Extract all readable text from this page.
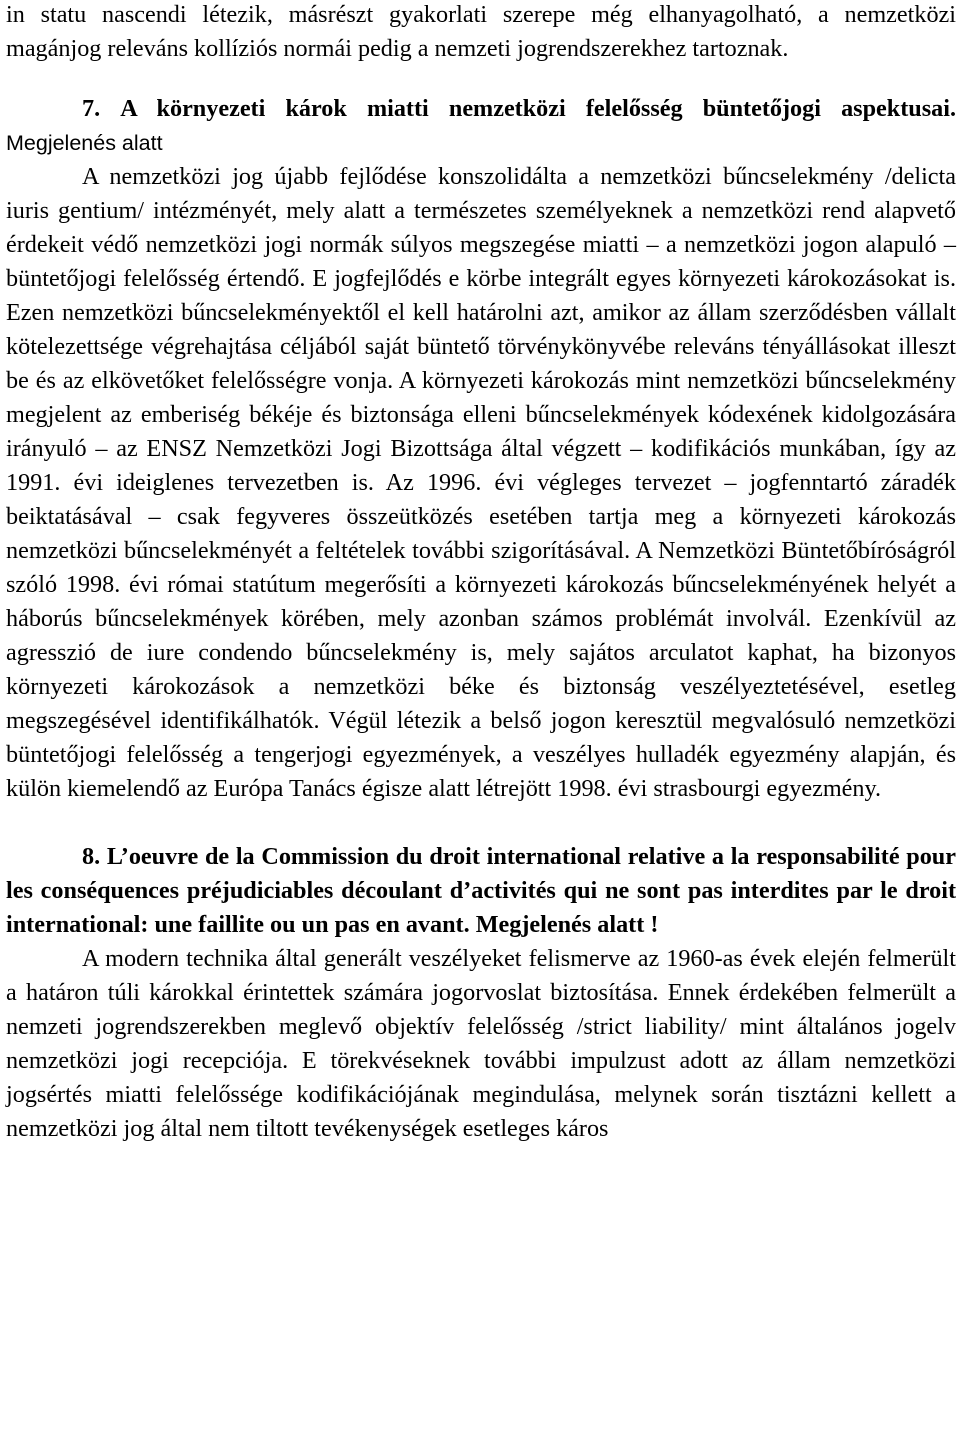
in statu nascendi létezik, másrészt gyakorlati szerepe még elhanyagolható, a nemzetközi magánjog releváns kollíziós normái pedig a nemzeti jogrendszerekhez tartoznak.

7. A környezeti károk miatti nemzetközi felelősség büntetőjogi aspektusai. Megjelenés alatt

A nemzetközi jog újabb fejlődése konszolidálta a nemzetközi bűncselekmény /delicta iuris gentium/ intézményét, mely alatt a természetes személyeknek a nemzetközi rend alapvető érdekeit védő nemzetközi jogi normák súlyos megszegése miatti – a nemzetközi jogon alapuló – büntetőjogi felelősség értendő. E jogfejlődés e körbe integrált egyes környezeti károkozásokat is. Ezen nemzetközi bűncselekményektől el kell határolni azt, amikor az állam szerződésben vállalt kötelezettsége végrehajtása céljából saját büntető törvénykönyvébe releváns tényállásokat illeszt be és az elkövetőket felelősségre vonja. A környezeti károkozás mint nemzetközi bűncselekmény megjelent az emberiség békéje és biztonsága elleni bűncselekmények kódexének kidolgozására irányuló – az ENSZ Nemzetközi Jogi Bizottsága által végzett – kodifikációs munkában, így az 1991. évi ideiglenes tervezetben is. Az 1996. évi végleges tervezet – jogfenntartó záradék beiktatásával – csak fegyveres összeütközés esetében tartja meg a környezeti károkozás nemzetközi bűncselekményét a feltételek további szigorításával. A Nemzetközi Büntetőbíróságról szóló 1998. évi római statútum megerősíti a környezeti károkozás bűncselekményének helyét a háborús bűncselekmények körében, mely azonban számos problémát involvál. Ezenkívül az agresszió de iure condendo bűncselekmény is, mely sajátos arculatot kaphat, ha bizonyos környezeti károkozások a nemzetközi béke és biztonság veszélyeztetésével, esetleg megszegésével identifikálhatók. Végül létezik a belső jogon keresztül megvalósuló nemzetközi büntetőjogi felelősség a tengerjogi egyezmények, a veszélyes hulladék egyezmény alapján, és külön kiemelendő az Európa Tanács égisze alatt létrejött 1998. évi strasbourgi egyezmény.

8. L’oeuvre de la Commission du droit international relative a la responsabilité pour les conséquences préjudiciables découlant d’activités qui ne sont pas interdites par le droit international: une faillite ou un pas en avant. Megjelenés alatt !

A modern technika által generált veszélyeket felismerve az 1960-as évek elején felmerült a határon túli károkkal érintettek számára jogorvoslat biztosítása. Ennek érdekében felmerült a nemzeti jogrendszerekben meglevő objektív felelősség /strict liability/ mint általános jogelv nemzetközi jogi recepciója. E törekvéseknek további impulzust adott az állam nemzetközi jogsértés miatti felelőssége kodifikációjának megindulása, melynek során tisztázni kellett a nemzetközi jog által nem tiltott tevékenységek esetleges káros
